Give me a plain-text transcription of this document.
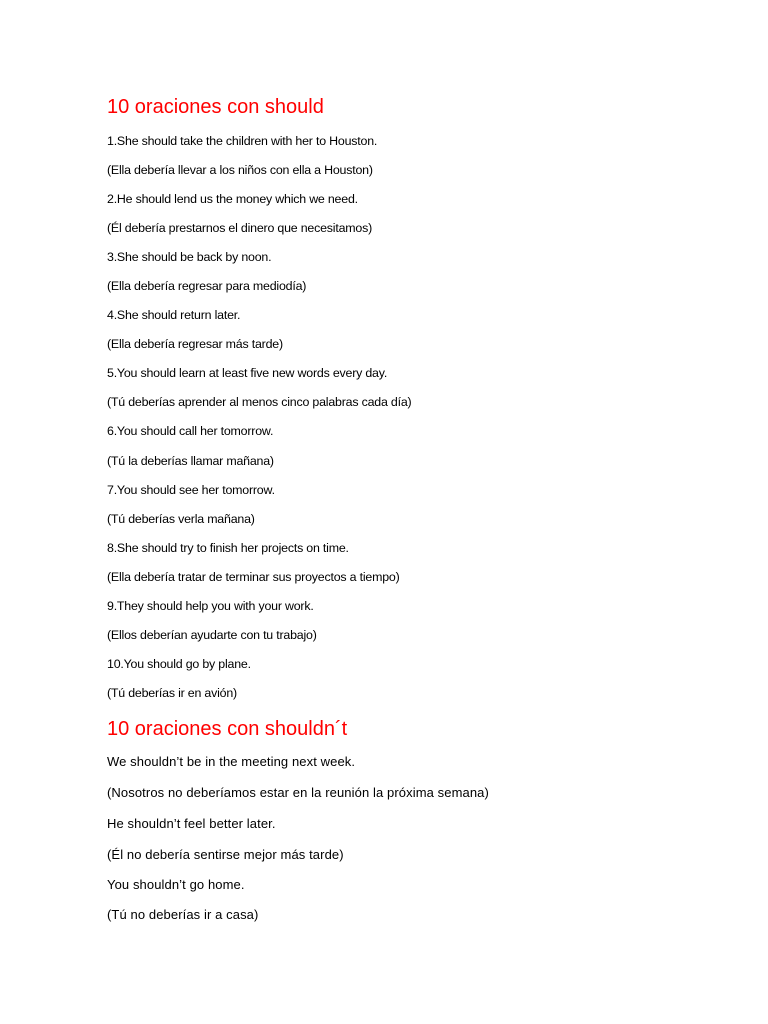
10 oraciones con should
1.She should take the children with her to Houston.
(Ella debería llevar a los niños con ella a Houston)
2.He should lend us the money which we need.
(Él debería prestarnos el dinero que necesitamos)
3.She should be back by noon.
(Ella debería regresar para mediodía)
4.She should return later.
(Ella debería regresar más tarde)
5.You should learn at least five new words every day.
(Tú deberías aprender al menos cinco palabras cada día)
6.You should call her tomorrow.
(Tú la deberías llamar mañana)
7.You should see her tomorrow.
(Tú deberías verla mañana)
8.She should try to finish her projects on time.
(Ella debería tratar de terminar sus proyectos a tiempo)
9.They should help you with your work.
(Ellos deberían ayudarte con tu trabajo)
10.You should go by plane.
(Tú deberías ir en avión)
10 oraciones con shouldn´t
We shouldn’t be in the meeting next week.
(Nosotros no deberíamos estar en la reunión la próxima semana)
He shouldn’t feel better later.
(Él no debería sentirse mejor más tarde)
You shouldn’t go home.
(Tú no deberías ir a casa)
